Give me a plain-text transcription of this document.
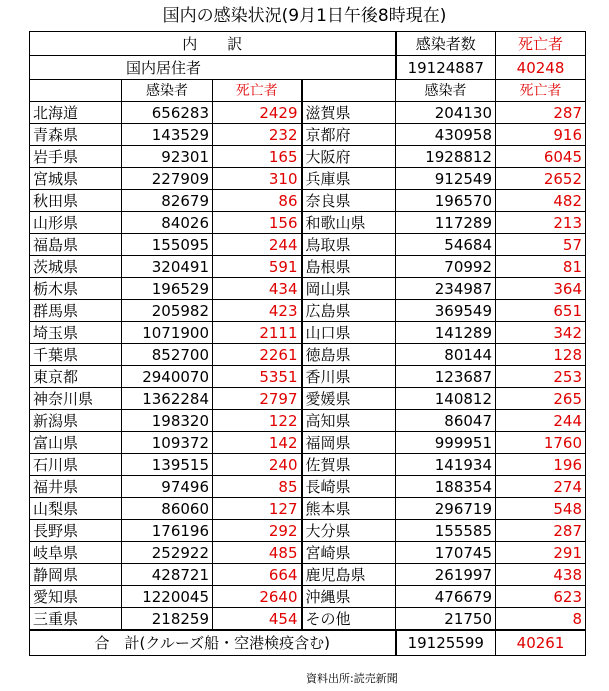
国内の感染状況(9月1日午後8時現在)
内　　訳				感染者数	死亡者
国内居住者				19124887	40248
	感染者	死亡者		感染者	死亡者
北海道	656283	2429	滋賀県	204130	287
青森県	143529	232	京都府	430958	916
岩手県	92301	165	大阪府	1928812	6045
宮城県	227909	310	兵庫県	912549	2652
秋田県	82679	86	奈良県	196570	482
山形県	84026	156	和歌山県	117289	213
福島県	155095	244	鳥取県	54684	57
茨城県	320491	591	島根県	70992	81
栃木県	196529	434	岡山県	234987	364
群馬県	205982	423	広島県	369549	651
埼玉県	1071900	2111	山口県	141289	342
千葉県	852700	2261	徳島県	80144	128
東京都	2940070	5351	香川県	123687	253
神奈川県	1362284	2797	愛媛県	140812	265
新潟県	198320	122	高知県	86047	244
富山県	109372	142	福岡県	999951	1760
石川県	139515	240	佐賀県	141934	196
福井県	97496	85	長崎県	188354	274
山梨県	86060	127	熊本県	296719	548
長野県	176196	292	大分県	155585	287
岐阜県	252922	485	宮崎県	170745	291
静岡県	428721	664	鹿児島県	261997	438
愛知県	1220045	2640	沖縄県	476679	623
三重県	218259	454	その他	21750	8
合　計(クルーズ船・空港検疫含む)				19125599	40261
資料出所:読売新聞
